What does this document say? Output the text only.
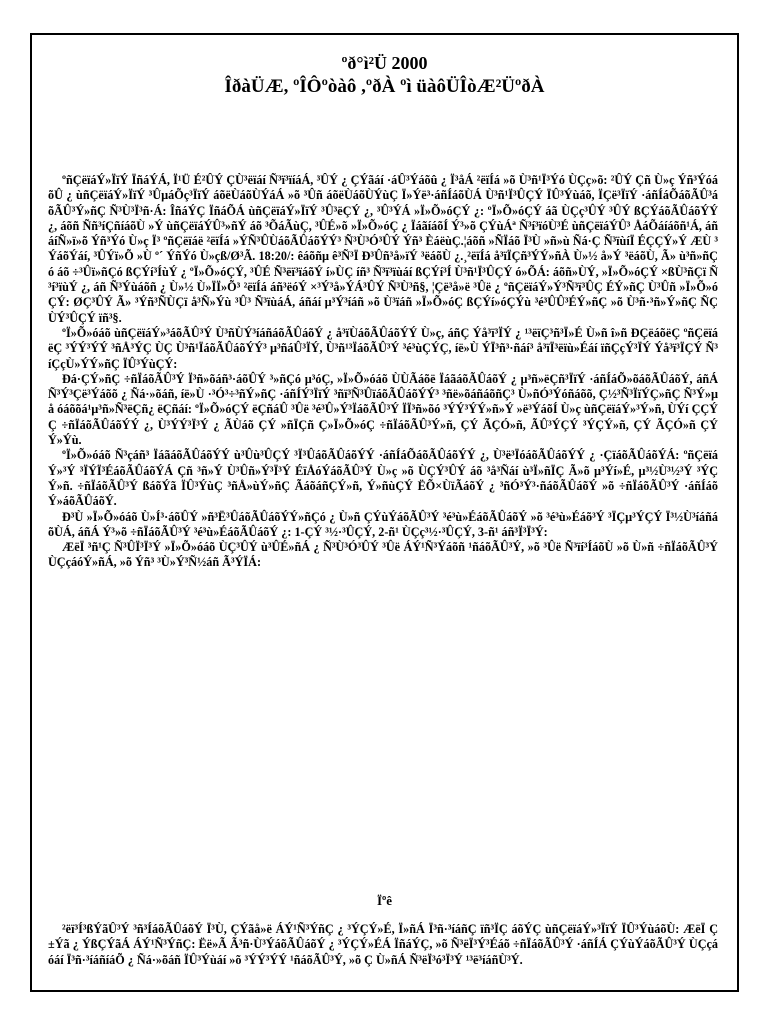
ºð°ì²Ü 2000
ÎðàÜÆ, ºÎÔºòàô ,ºðÀ ºì üàôÜÎòÆ²ÜºðÀ

ºñÇëïáÝ»ÏïÝ ÏñáÝÁ, Ï¹Ü É²ÛÝ ÇÙ³ëïáí Ñ³ï³ïíáÁ, ³ÛÝ ¿ ÇÝãáí ·áÛ³Ýáõû ¿ Ï³åÁ ²ëïÍá »õ Ù³ñ¹Ï³Ýó ÙÇç»õ: ²ÛÝ Çñ Ù»ç Ýñ³ÝóáõÛ ¿ ùñÇëïáÝ»ÏïÝ ³ÛµáÕç³ÏïÝ áõëÙáõÙÝáÁ »õ ³Ûñ áõëÙáõÙÝùÇ Ï»Ýë³·áñÍáõÙÁ Ù³ñ¹Ï³ÛÇÝ ÏÛ³Ýùáõ, ÏÇë³ÏïÝ ·áñÍáÕáõÃÛ³áõÃÛ³Ý»ñÇ Ñ³Ù³Ï³ñ·Á: ÎñáÝÇ ÏñáÕÁ ùñÇëïáÝ»ÏïÝ ³Û³ëÇÝ ¿, ³Û³ÝÁ »Ï»Õ»óÇÝ ¿: ºÏ»Õ»óÇÝ áã ÙÇç³ÛÝ ³ÛÝ ßÇÝáõÃÛáõÝÝ ¿, áõñ Ññ³íÇñíáõÙ »Ý ùñÇëïáÝÛ³»ñÝ áõ ³ÕáÃùÇ, ³ÛÉ»õ »Ï»Õ»óÇ ¿ ÏáãíáõÍ Ý³»õ ÇÝùÁª Ñ³í³ïóÙ³É ùñÇëïáÝÛ³ ÅáÕáíáõñ¹Á, áñáíÑ»ï»õ Ýñ³Ýó Ù»ç Ï³ ºñÇëïáë ²ëïÍá »ÝÑ³ÛÙáõÃÛáõÝÝ³ Ñ³Ù³Ó³ÛÝ Ýñ³ ÈáëùÇ.¦áõñ »ÑÏáõ Ï³Ù »ñ»ù Ñá·Ç Ñ³ïùíÏ ÉÇÇÝ»Ý ÆÙ ³ÝáõÝáí, ³ÛÝï»Õ »Ù º´ ÝñÝó Ù»çß/Ø³Ã. 18:20/: êáõñµ ê³Ñ³Ï Ð³Ûñ³å»ïÝ ³ëáõÙ ¿.¸²ëïÍá å³ïÏÇñ³ÝÝ»ñÀ Ù»½ å»Ý ³ëáõÙ, Ã» ù³ñ»ñÇó áõ ÷³Ûï»ñÇó ßÇÝí³ÍùÝ ¿ ºÏ»Õ»óÇÝ, ³ÛÉ Ñ³ëï³ïáõÝ í»ÙÇ íñ³ Ñ³ï³ïùáí ßÇÝí³Í Ù³ñ¹Ï³ÛÇÝ ó»ÕÁ: áõñ»ÙÝ, »Ï»Õ»óÇÝ ×ßÙ³ñÇï Ñ³í³ïùÝ ¿, áñ Ñ³Ýùáõñ ¿ Ù»½ Ù»ÏÏ»Õ³ ²ëïÍá áñ³ëóÝ ×³Ý³å»ÝÁ³ÛÝ Ñ³Ù³ñ§, ¦Çë³å»ë ³Ûë ¿ ºñÇëïáÝ»Ý³Ñ³ï³ÛÇ ÉÝ»ñÇ Ù³Ûñ »Ï»Õ»óÇÝ: ØÇ³ÛÝ Ã» ³Ýñ³ÑÙÇï å³Ñ»Ýù ³Û³ Ñ³ïùáÁ, áñáí µ³Ý³íáñ »õ Ù³ïáñ »Ï»Õ»óÇ ßÇÝí»óÇÝù ³é³ÛÛ³ÉÝ»ñÇ »õ Ù³ñ·³ñ»Ý»ñÇ ÑÇÙÝ³ÛÇÝ ïñ³§.

ºÏ»Õ»óáõ ùñÇëïáÝ»³áõÃÛ³Ý Ù³ñÙÝ³íáñáõÃÛáõÝ ¿ å³ïÙáõÃÛáõÝÝ Ù»ç, áñÇ Ýå³ï³ÏÝ ¿ ¹³ëïÇ³ñ³Ï»É Ù»ñ î»ñ ÐÇëáõëÇ ºñÇëïáëÇ ³ÝÝ³ÝÝ ³ñÅ³ÝÇ ÙÇ Ù³ñ¹ÏáõÃÛáõÝÝ³ µ³ñáÛ³ÏÝ, Ù³ñ¹³ÏáõÃÛ³Ý ³é³ùÇÝÇ, íë»Ù ÝÏ³ñ³·ñáí³ å³ïÏ³ëïù»Éáí ïñÇçÝ³ÏÝ Ýå³ï³ÏÇÝ Ñ³íÇçÙ»ÝÝ»ñÇ ÏÛ³ÝùÇÝ:

Ðá·ÇÝ»ñÇ ÷ñÏáõÃÛ³Ý Ï³ñ»õáñ³·áõÛÝ ³»ñÇó µ³óÇ, »Ï»Õ»óáõ ÙÙÃáõë ÏáãáõÃÛáõÝ ¿ µ³ñ»ëÇñ³ÏïÝ ·áñÍáÕ»õáõÃÛáõÝ, áñÁ Ñ³Ý³Çë³Ýáõõ ¿ Ñá·»õáñ, íë»Ù ·³Ó³÷³ñÝ»ñÇ ·áñÍÝ³ÏïÝ ³ñï³Ñ³ÛïáõÃÛáõÝÝ³ ³ñë»õáñáõñÇ³ Ù»ñÓ³Ýóñáõõ, Ç½³Ñ³ÏïÝÇ»ñÇ Ñ³Ý»µå óáõõá¹µ³ñ»Ñ³ëÇñ¿ ëÇñáí: ºÏ»Õ»óÇÝ ëÇñáÛ ³Ûë ³é³Û»Ý³ÏáõÃÛ³Ý ÏÏ³ñ»õó ³ÝÝ³ÝÝ»ñ»Ý »ë³ÝáõÍ Ù»ç ùñÇëïáÝ»³Ý»ñ, ÙÝí ÇÇÝÇ ÷ñÏáõÃÛáõÝÝ ¿, Ù³ÝÝ³Ï³Ý ¿ ÃÙáõ ÇÝ »ñÏÇñ Ç»Ï»Õ»óÇ ÷ñÏáõÃÛ³Ý»ñ, ÇÝ ÃÇÓ»ñ, ÃÛ³ÝÇÝ ³ÝÇÝ»ñ, ÇÝ ÃÇÓ»ñ ÇÝ Ý»Ýù.

ºÏ»Õ»óáõ Ñ³çáñ³ ÏáãáõÃÛáõÝÝ ù³Ûù³ÛÇÝ ³Ï³ÛáõÃÛáõÝÝ ·áñÍáÕáõÃÛáõÝÝ ¿, Ù³ë³ÏóáõÃÛáõÝÝ ¿ ·ÇïáõÃÛáõÝÁ: ºñÇëïáÝ»³Ý ³ÏÝÏ³ÉáõÃÛáõÝÁ Çñ ³ñ»Ý Ù³Ûñ»Ý³Ï³Ý ÉïÅóÝáõÃÛ³Ý Ù»ç »õ ÙÇÝ³ÛÝ áõ ³å³Ñáí ù³Ï»ñÏÇ Ã»õ µ³Ýí»É, µ³½Ù³½³Ý ³ÝÇÝ»ñ. ÷ñÏáõÃÛ³Ý ßáõÝã ÏÛ³ÝùÇ ³ñÅ»ùÝ»ñÇ ÃáõáñÇÝ»ñ, Ý»ñùÇÝ ËÕ×ÙïÃáõÝ ¿ ³ñÓ³Ý³·ñáõÃÛáõÝ »õ ÷ñÏáõÃÛ³Ý ·áñÍáõÝ»áõÃÛáõÝ.

Ð³Ù »Ï»Õ»óáõ Ù»Í³·áõÛÝ »ñ³Ë³ÛáõÃÛáõÝÝ»ñÇó ¿ Ù»ñ ÇÝùÝáõÃÛ³Ý ³é³ù»ÉáõÃÛáõÝ »õ ³é³ù»Éáõ³Ý ³ÏÇµ³ÝÇÝ Ï³½Ù³íáñáõÙÁ, áñÁ Ý³»õ ÷ñÏáõÃÛ³Ý ³é³ù»ÉáõÃÛáõÝ ¿: 1-ÇÝ ³½·³ÛÇÝ, 2-ñ¹ ÙÇç³½·³ÛÇÝ, 3-ñ¹ áñ³Ï³Ï³Ý:

ÆëÏ ³ñ¹Ç Ñ³ÛÏ³Ï³Ý »Ï»Õ»óáõ ÙÇ³ÛÝ ù³ÛÉ»ñÁ ¿ Ñ³Ù³Ó³ÛÝ ³Ûë ÁÝ¹Ñ³Ýáõñ ¹ñáõÃÛ³Ý, »õ ³Ûë Ñ³ïí³ÍáõÙ »õ Ù»ñ ÷ñÏáõÃÛ³Ý ÙÇçáóÝ»ñÁ, »õ Ýñ³ ³Ù»Ý³Ñ½áñ Ã³ÝÏÁ:

Ïºê

²ëï³Í³ßÝãÛ³Ý ³ñ³ÍáõÃÛáõÝ Ï³Ù, ÇÝãå»ë ÁÝ¹Ñ³ÝñÇ ¿ ³ÝÇÝ»É, Ï»ñÁ Ï³ñ·³íáñÇ ïñ³ÏÇ áõÝÇ ùñÇëïáÝ»³ÏïÝ ÏÛ³ÝùáõÙ: ÆëÏ Ç±Ýã ¿ ÝßÇÝãÁ ÁÝ¹Ñ³ÝñÇ: Ëë»Ã Ã³ñ·Ù³ÝáõÃÛáõÝ ¿ ³ÝÇÝ»ÉÁ ÏñáÝÇ, »õ Ñ³ëÏ³Ý³Éáõ ÷ñÏáõÃÛ³Ý ·áñÍÁ ÇÝùÝáõÃÛ³Ý ÙÇçáóáí Ï³ñ·³íáñíáÕ ¿ Ñá·»õáñ ÏÛ³Ýùáí »õ ³ÝÝ³ÝÝ ¹ñáõÃÛ³Ý, »õ Ç Ù»ñÁ Ñ³ëÏ³ó³Ï³Ý ¹³ë³íáñÙ³Ý.
